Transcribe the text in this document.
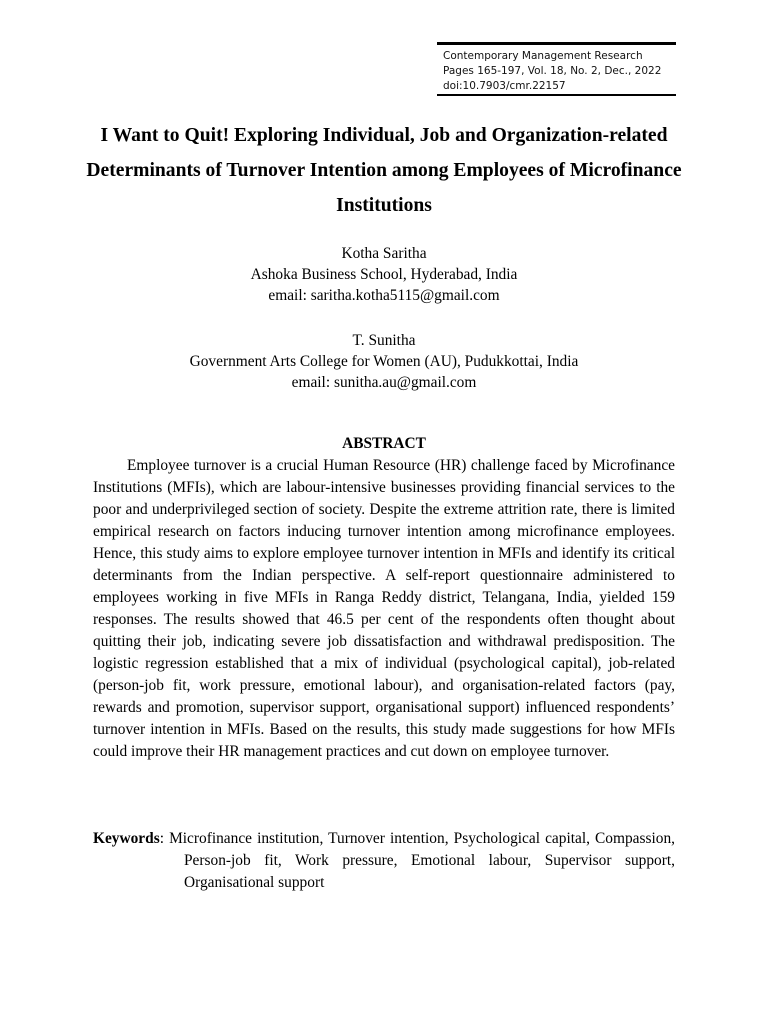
Contemporary Management Research
Pages 165-197, Vol. 18, No. 2, Dec., 2022
doi:10.7903/cmr.22157
I Want to Quit! Exploring Individual, Job and Organization-related Determinants of Turnover Intention among Employees of Microfinance Institutions
Kotha Saritha
Ashoka Business School, Hyderabad, India
email: saritha.kotha5115@gmail.com
T. Sunitha
Government Arts College for Women (AU), Pudukkottai, India
email: sunitha.au@gmail.com
ABSTRACT

Employee turnover is a crucial Human Resource (HR) challenge faced by Microfinance Institutions (MFIs), which are labour-intensive businesses providing financial services to the poor and underprivileged section of society. Despite the extreme attrition rate, there is limited empirical research on factors inducing turnover intention among microfinance employees. Hence, this study aims to explore employee turnover intention in MFIs and identify its critical determinants from the Indian perspective. A self-report questionnaire administered to employees working in five MFIs in Ranga Reddy district, Telangana, India, yielded 159 responses. The results showed that 46.5 per cent of the respondents often thought about quitting their job, indicating severe job dissatisfaction and withdrawal predisposition. The logistic regression established that a mix of individual (psychological capital), job-related (person-job fit, work pressure, emotional labour), and organisation-related factors (pay, rewards and promotion, supervisor support, organisational support) influenced respondents’ turnover intention in MFIs. Based on the results, this study made suggestions for how MFIs could improve their HR management practices and cut down on employee turnover.

Keywords: Microfinance institution, Turnover intention, Psychological capital, Compassion, Person-job fit, Work pressure, Emotional labour, Supervisor support, Organisational support
